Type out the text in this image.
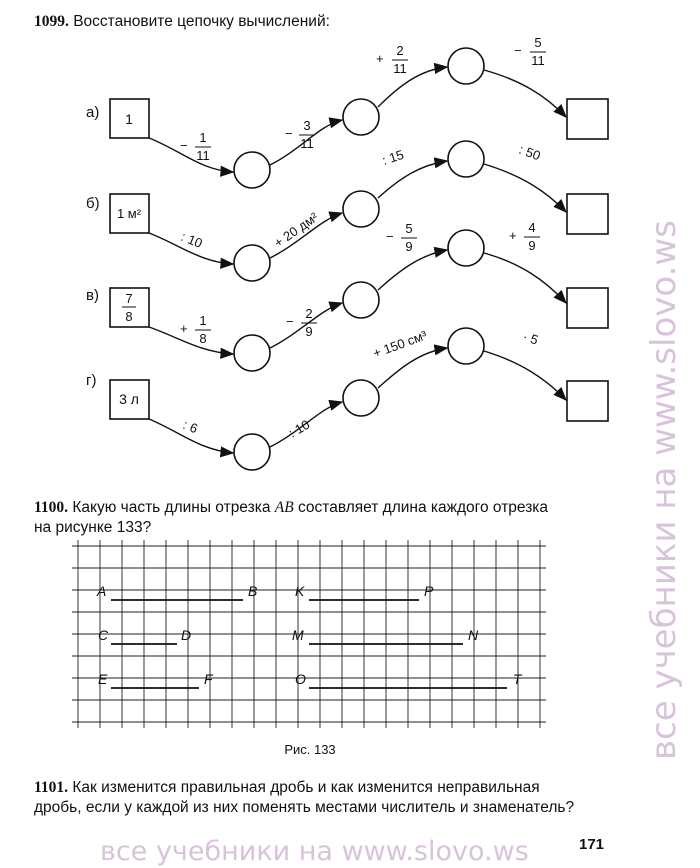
1099. Восстановите цепочку вычислений:
а) 1
−
1
11
−
3
11
+
2
11
−
5
11
б)
1 м²
: 10	+ 20 дм²
: 15	: 50
в) 7
8
+
1
8
−
2
9
−
5
9
+
4
9
г)
3 л
: 6	: 10
+ 150 см³	· 5
1100. Какую часть длины отрезка AB составляет длина каждого отрезка
на рисунке 133?
A	B	K	P
C	D	M	N
E	F	O	T
Рис. 133
1101. Как изменится правильная дробь и как изменится неправильная
дробь, если у каждой из них поменять местами числитель и знаменатель?
171
все учебники на www.slovo.ws
все учебники на www.slovo.ws
